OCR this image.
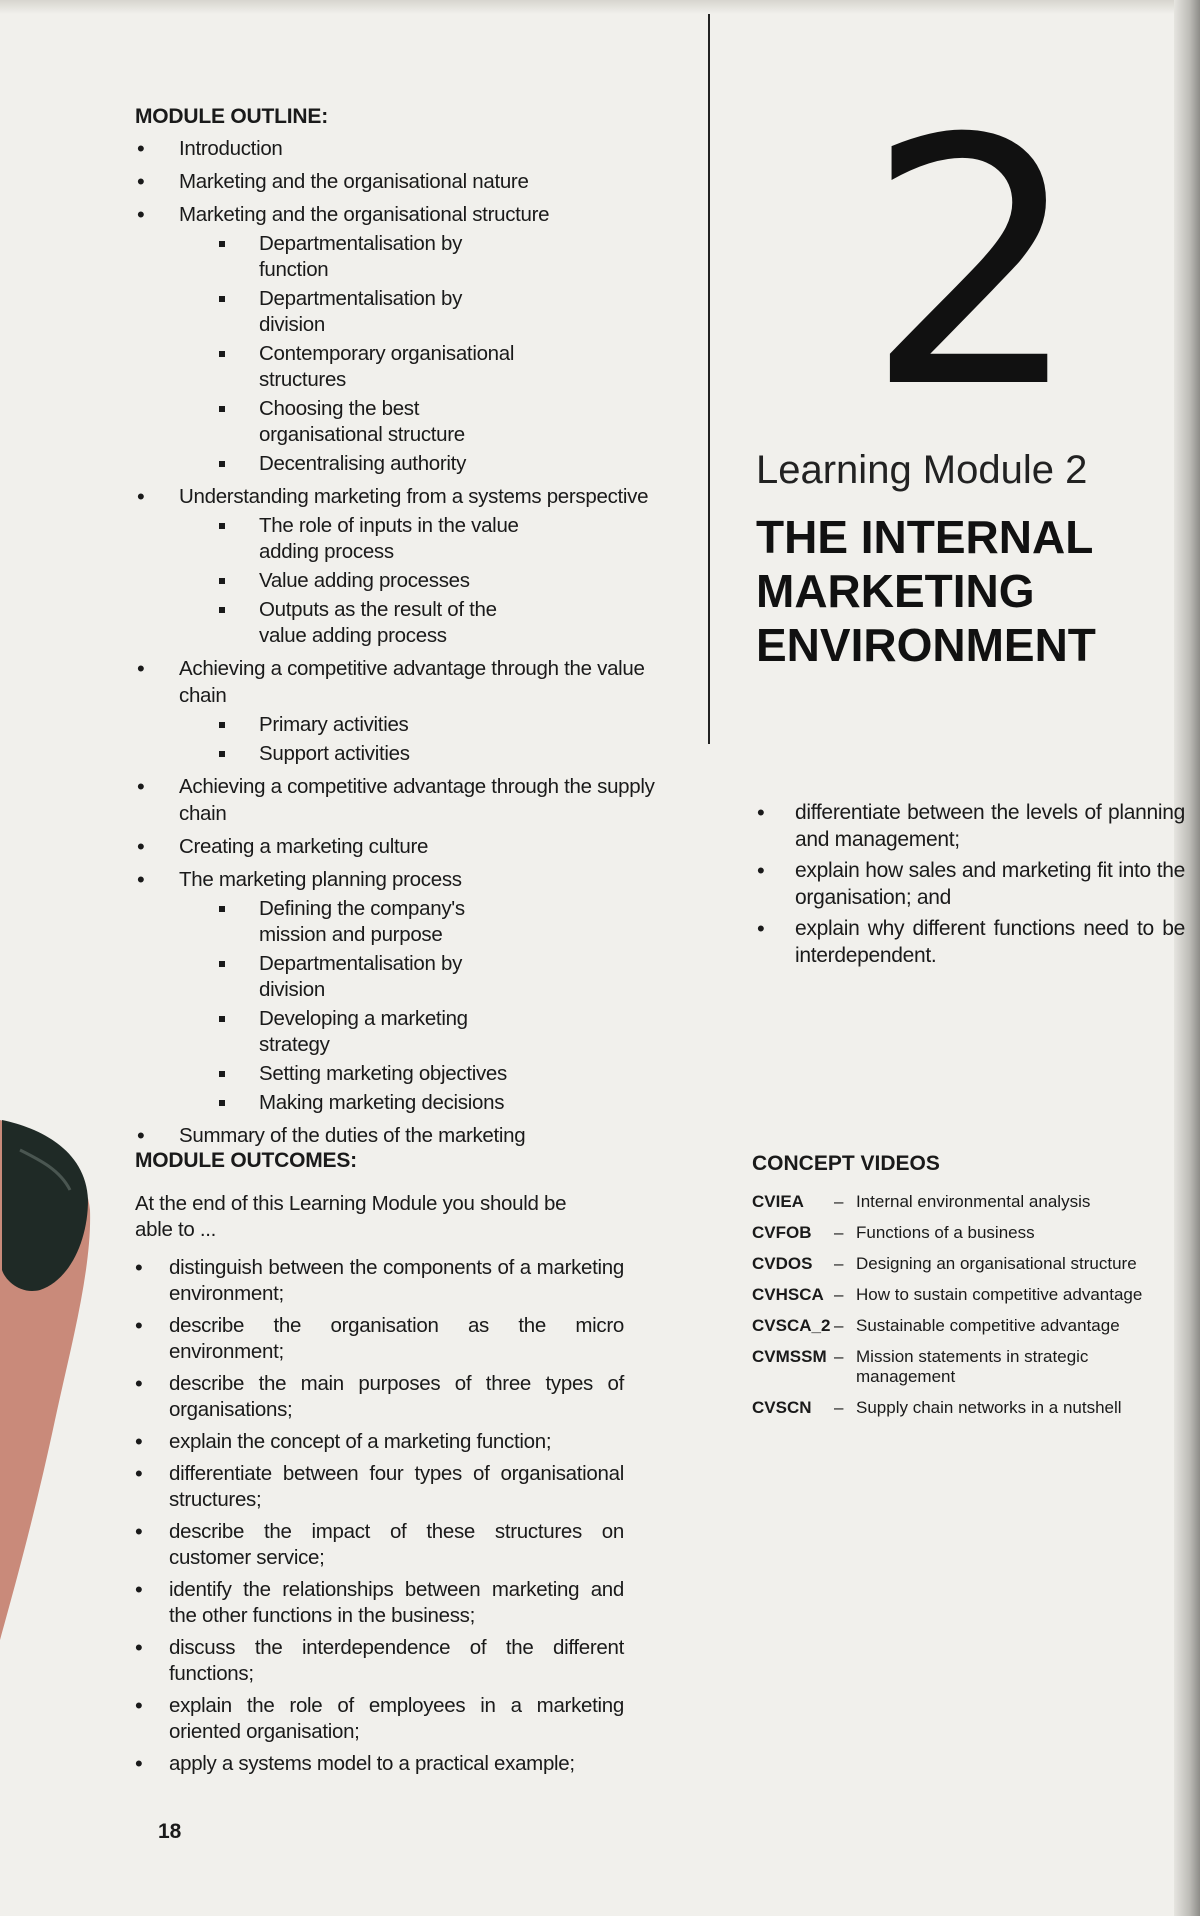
MODULE OUTLINE:
• Introduction
• Marketing and the organisational nature
• Marketing and the organisational structure
Departmentalisation by function
Departmentalisation by division
Contemporary organisational structures
Choosing the best organisational structure
Decentralising authority
• Understanding marketing from a systems perspective
The role of inputs in the value adding process
Value adding processes
Outputs as the result of the value adding process
• Achieving a competitive advantage through the value chain
Primary activities
Support activities
• Achieving a competitive advantage through the supply chain
• Creating a marketing culture
• The marketing planning process
Defining the company's mission and purpose
Departmentalisation by division
Developing a marketing strategy
Setting marketing objectives
Making marketing decisions
• Summary of the duties of the marketing
MODULE OUTCOMES:

At the end of this Learning Module you should be able to ...

• distinguish between the components of a marketing environment;
• describe the organisation as the micro environment;
• describe the main purposes of three types of organisations;
• explain the concept of a marketing function;
• differentiate between four types of organisational structures;
• describe the impact of these structures on customer service;
• identify the relationships between marketing and the other functions in the business;
• discuss the interdependence of the different functions;
• explain the role of employees in a marketing oriented organisation;
• apply a systems model to a practical example;
18
2
Learning Module 2
THE INTERNAL
MARKETING
ENVIRONMENT
• differentiate between the levels of planning and management;
• explain how sales and marketing fit into the organisation; and
• explain why different functions need to be interdependent.
CONCEPT VIDEOS
CVIEA	– Internal environmental analysis
CVFOB	– Functions of a business
CVDOS	– Designing an organisational structure
CVHSCA – How to sustain competitive advantage
CVSCA_2 – Sustainable competitive advantage
CVMSSM – Mission statements in strategic management
CVSCN	– Supply chain networks in a nutshell
